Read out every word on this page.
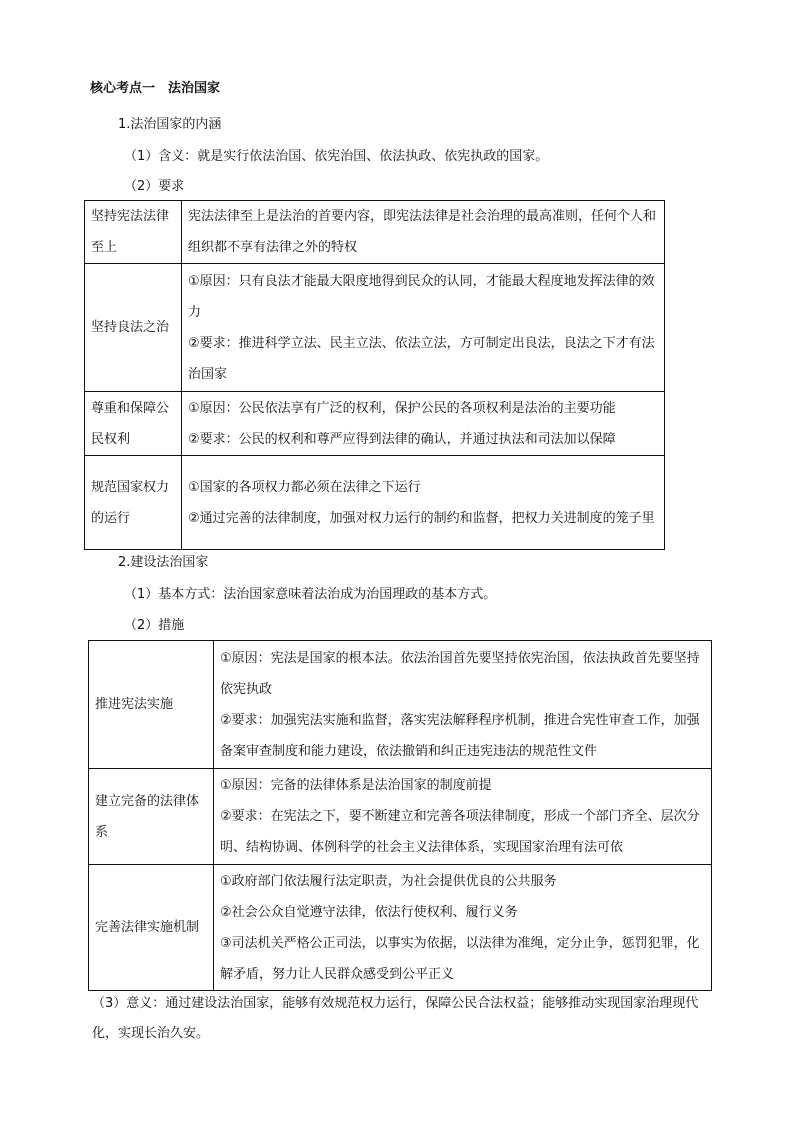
核心考点一　法治国家
1.法治国家的内涵
（1）含义：就是实行依法治国、依宪治国、依法执政、依宪执政的国家。
（2）要求
坚持宪法法律至上	宪法法律至上是法治的首要内容，即宪法法律是社会治理的最高准则，任何个人和组织都不享有法律之外的特权

坚持良法之治	①原因：只有良法才能最大限度地得到民众的认同，才能最大程度地发挥法律的效力
②要求：推进科学立法、民主立法、依法立法，方可制定出良法，良法之下才有法治国家

尊重和保障公民权利	①原因：公民依法享有广泛的权利，保护公民的各项权利是法治的主要功能
②要求：公民的权利和尊严应得到法律的确认，并通过执法和司法加以保障

规范国家权力的运行	①国家的各项权力都必须在法律之下运行
②通过完善的法律制度，加强对权力运行的制约和监督，把权力关进制度的笼子里
2.建设法治国家
（1）基本方式：法治国家意味着法治成为治国理政的基本方式。
（2）措施
推进宪法实施	①原因：宪法是国家的根本法。依法治国首先要坚持依宪治国，依法执政首先要坚持依宪执政
②要求：加强宪法实施和监督，落实宪法解释程序机制，推进合宪性审查工作，加强备案审查制度和能力建设，依法撤销和纠正违宪违法的规范性文件

建立完备的法律体系	①原因：完备的法律体系是法治国家的制度前提
②要求：在宪法之下，要不断建立和完善各项法律制度，形成一个部门齐全、层次分明、结构协调、体例科学的社会主义法律体系，实现国家治理有法可依

完善法律实施机制	①政府部门依法履行法定职责，为社会提供优良的公共服务
②社会公众自觉遵守法律，依法行使权利、履行义务
③司法机关严格公正司法，以事实为依据，以法律为准绳，定分止争，惩罚犯罪，化解矛盾，努力让人民群众感受到公平正义
（3）意义：通过建设法治国家，能够有效规范权力运行，保障公民合法权益；能够推动实现国家治理现代化，实现长治久安。
